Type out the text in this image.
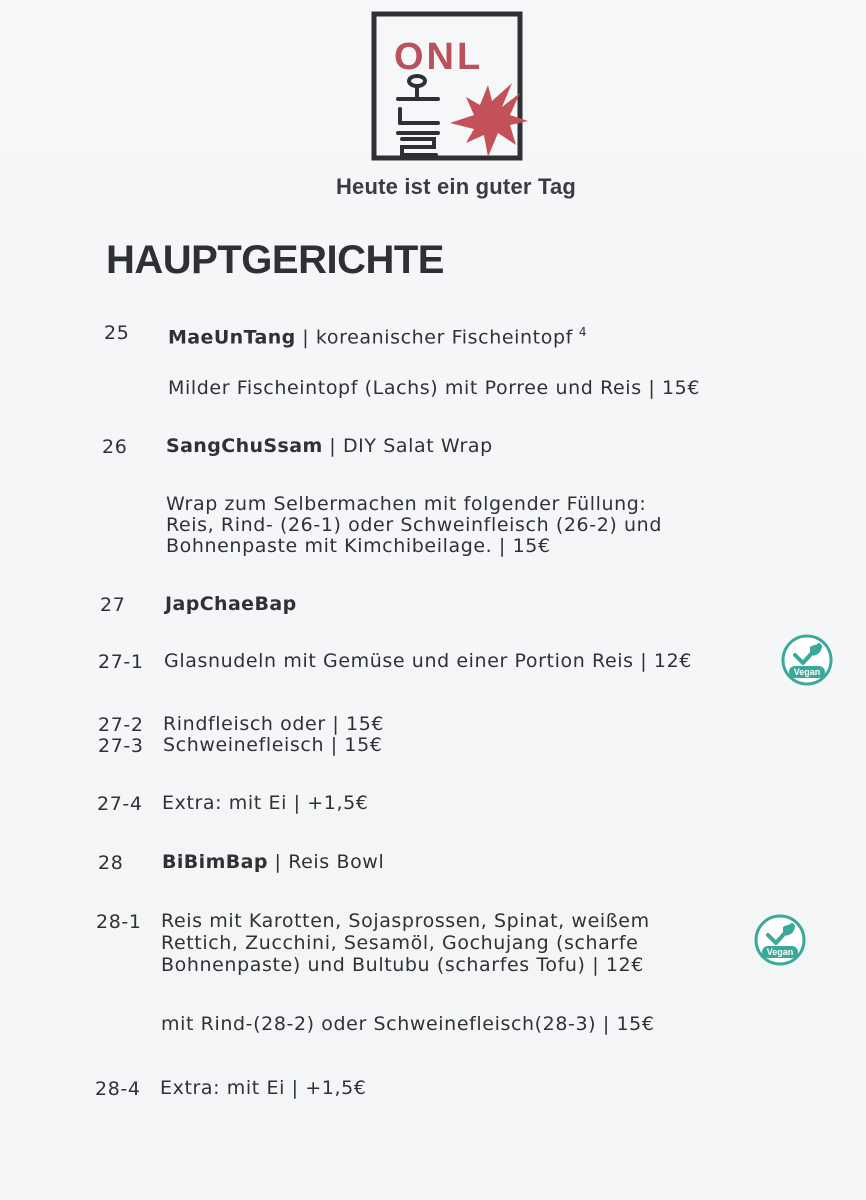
ONL
Heute ist ein guter Tag
HAUPTGERICHTE
25 MaeUnTang | koreanischer Fischeintopf $^4$
Milder Fischeintopf (Lachs) mit Porree und Reis | 15€
26 SangChuSsam | DIY Salat Wrap
Wrap zum Selbermachen mit folgender Füllung:
Reis, Rind- (26-1) oder Schweinfleisch (26-2) und
Bohnenpaste mit Kimchibeilage. | 15€
27 JapChaeBap
27-1 Glasnudeln mit Gemüse und einer Portion Reis | 12€	Vegan
27-2 Rindfleisch oder | 15€
27-3 Schweinefleisch | 15€
27-4 Extra: mit Ei | +1,5€
28 BiBimBap | Reis Bowl
28-1 Reis mit Karotten, Sojasprossen, Spinat, weißem
Rettich, Zucchini, Sesamöl, Gochujang (scharfe
Bohnenpaste) und Bultubu (scharfes Tofu) | 12€
Vegan
mit Rind-(28-2) oder Schweinefleisch(28-3) | 15€
28-4 Extra: mit Ei | +1,5€
